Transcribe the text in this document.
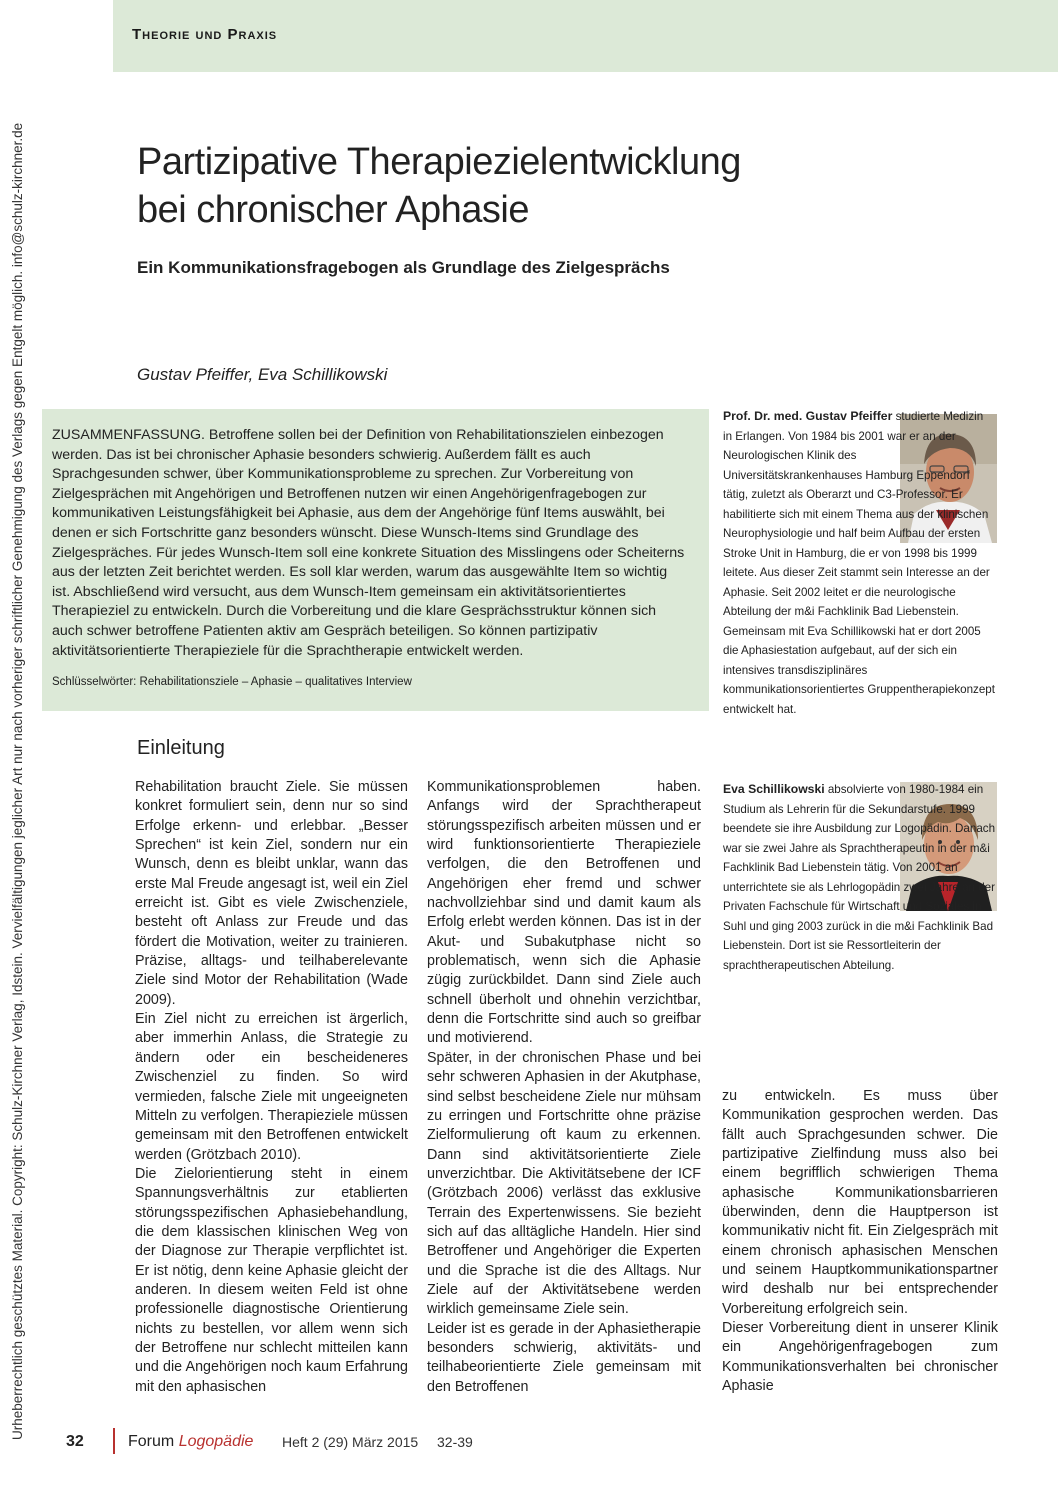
Theorie und Praxis
Urheberrechtlich geschütztes Material. Copyright: Schulz-Kirchner Verlag, Idstein. Vervielfältigungen jeglicher Art nur nach vorheriger schriftlicher Genehmigung des Verlags gegen Entgelt möglich. info@schulz-kirchner.de	Partizipative Therapiezielentwicklung
bei chronischer Aphasie
Ein Kommunikationsfragebogen als Grundlage des Zielgesprächs
Gustav Pfeiffer, Eva Schillikowski
ZUSAMMENFASSUNG. Betroffene sollen bei der Definition von Rehabilitationszielen einbezogen werden. Das ist bei chronischer Aphasie besonders schwierig. Außerdem fällt es auch Sprachgesunden schwer, über Kommunikationsprobleme zu sprechen. Zur Vorbereitung von Zielgesprächen mit Angehörigen und Betroffenen nutzen wir einen Angehörigenfragebogen zur kommunikativen Leistungsfähigkeit bei Aphasie, aus dem der Angehörige fünf Items auswählt, bei denen er sich Fortschritte ganz besonders wünscht. Diese Wunsch-Items sind Grundlage des Zielgespräches. Für jedes Wunsch-Item soll eine konkrete Situation des Misslingens oder Scheiterns aus der letzten Zeit berichtet werden. Es soll klar werden, warum das ausgewählte Item so wichtig ist. Abschließend wird versucht, aus dem Wunsch-Item gemeinsam ein aktivitätsorientiertes Therapieziel zu entwickeln. Durch die Vorbereitung und die klare Gesprächsstruktur können sich auch schwer betroffene Patienten aktiv am Gespräch beteiligen. So können partizipativ aktivitätsorientierte Therapieziele für die Sprachtherapie entwickelt werden.
Schlüsselwörter: Rehabilitationsziele – Aphasie – qualitatives Interview
Einleitung

Rehabilitation braucht Ziele. Sie müssen konkret formuliert sein, denn nur so sind Erfolge erkenn- und erlebbar. „Besser Sprechen“ ist kein Ziel, sondern nur ein Wunsch, denn es bleibt unklar, wann das erste Mal Freude angesagt ist, weil ein Ziel erreicht ist. Gibt es viele Zwischenziele, besteht oft Anlass zur Freude und das fördert die Motivation, weiter zu trainieren. Präzise, alltags- und teilhaberelevante Ziele sind Motor der Rehabilitation (Wade 2009).

Ein Ziel nicht zu erreichen ist ärgerlich, aber immerhin Anlass, die Strategie zu ändern oder ein bescheideneres Zwischenziel zu finden. So wird vermieden, falsche Ziele mit ungeeigneten Mitteln zu verfolgen. Therapieziele müssen gemeinsam mit den Betroffenen entwickelt werden (Grötzbach 2010).

Die Zielorientierung steht in einem Spannungsverhältnis zur etablierten störungsspezifischen Aphasiebehandlung, die dem klassischen klinischen Weg von der Diagnose zur Therapie verpflichtet ist. Er ist nötig, denn keine Aphasie gleicht der anderen. In diesem weiten Feld ist ohne professionelle diagnostische Orientierung nichts zu bestellen, vor allem wenn sich der Betroffene nur schlecht mitteilen kann und die Angehörigen noch kaum Erfahrung mit den aphasischen

Kommunikationsproblemen haben. Anfangs wird der Sprachtherapeut störungsspezifisch arbeiten müssen und er wird funktionsorientierte Therapieziele verfolgen, die den Betroffenen und Angehörigen eher fremd und schwer nachvollziehbar sind und damit kaum als Erfolg erlebt werden können. Das ist in der Akut- und Subakutphase nicht so problematisch, wenn sich die Aphasie zügig zurückbildet. Dann sind Ziele auch schnell überholt und ohnehin verzichtbar, denn die Fortschritte sind auch so greifbar und motivierend.

Später, in der chronischen Phase und bei sehr schweren Aphasien in der Akutphase, sind selbst bescheidene Ziele nur mühsam zu erringen und Fortschritte ohne präzise Zielformulierung oft kaum zu erkennen. Dann sind aktivitätsorientierte Ziele unverzichtbar. Die Aktivitätsebene der ICF (Grötzbach 2006) verlässt das exklusive Terrain des Expertenwissens. Sie bezieht sich auf das alltägliche Handeln. Hier sind Betroffener und Angehöriger die Experten und die Sprache ist die des Alltags. Nur Ziele auf der Aktivitätsebene werden wirklich gemeinsame Ziele sein.

Leider ist es gerade in der Aphasietherapie besonders schwierig, aktivitäts- und teilhabeorientierte Ziele gemeinsam mit den Betroffenen

zu entwickeln. Es muss über Kommunikation gesprochen werden. Das fällt auch Sprachgesunden schwer. Die partizipative Zielfindung muss also bei einem begrifflich schwierigen Thema aphasische Kommunikationsbarrieren überwinden, denn die Hauptperson ist kommunikativ nicht fit. Ein Zielgespräch mit einem chronisch aphasischen Menschen und seinem Hauptkommunikationspartner wird deshalb nur bei entsprechender Vorbereitung erfolgreich sein.

Dieser Vorbereitung dient in unserer Klinik ein Angehörigenfragebogen zum Kommunikationsverhalten bei chronischer Aphasie

Prof. Dr. med. Gustav Pfeiffer studierte Medizin in Erlangen. Von 1984 bis 2001 war er an der Neurologischen Klinik des Universitätskrankenhauses Hamburg Eppendorf tätig, zuletzt als Oberarzt und C3-Professor. Er habilitierte sich mit einem Thema aus der klinischen Neurophysiologie und half beim Aufbau der ersten Stroke Unit in Hamburg, die er von 1998 bis 1999 leitete. Aus dieser Zeit stammt sein Interesse an der Aphasie. Seit 2002 leitet er die neurologische Abteilung der m&i Fachklinik Bad Liebenstein. Gemeinsam mit Eva Schillikowski hat er dort 2005 die Aphasiestation aufgebaut, auf der sich ein intensives transdisziplinäres kommunikationsorientiertes Gruppentherapiekonzept entwickelt hat.
Eva Schillikowski absolvierte von 1980-1984 ein Studium als Lehrerin für die Sekundarstufe. 1999 beendete sie ihre Ausbildung zur Logopädin. Danach war sie zwei Jahre als Sprachtherapeutin in der m&i Fachklinik Bad Liebenstein tätig. Von 2001 an unterrichtete sie als Lehrlogopädin zwei Jahre an der Privaten Fachschule für Wirtschaft und Soziales in Suhl und ging 2003 zurück in die m&i Fachklinik Bad Liebenstein. Dort ist sie Ressortleiterin der sprachtherapeutischen Abteilung.
32	Forum Logopädie Heft 2 (29) März 2015 32-39
